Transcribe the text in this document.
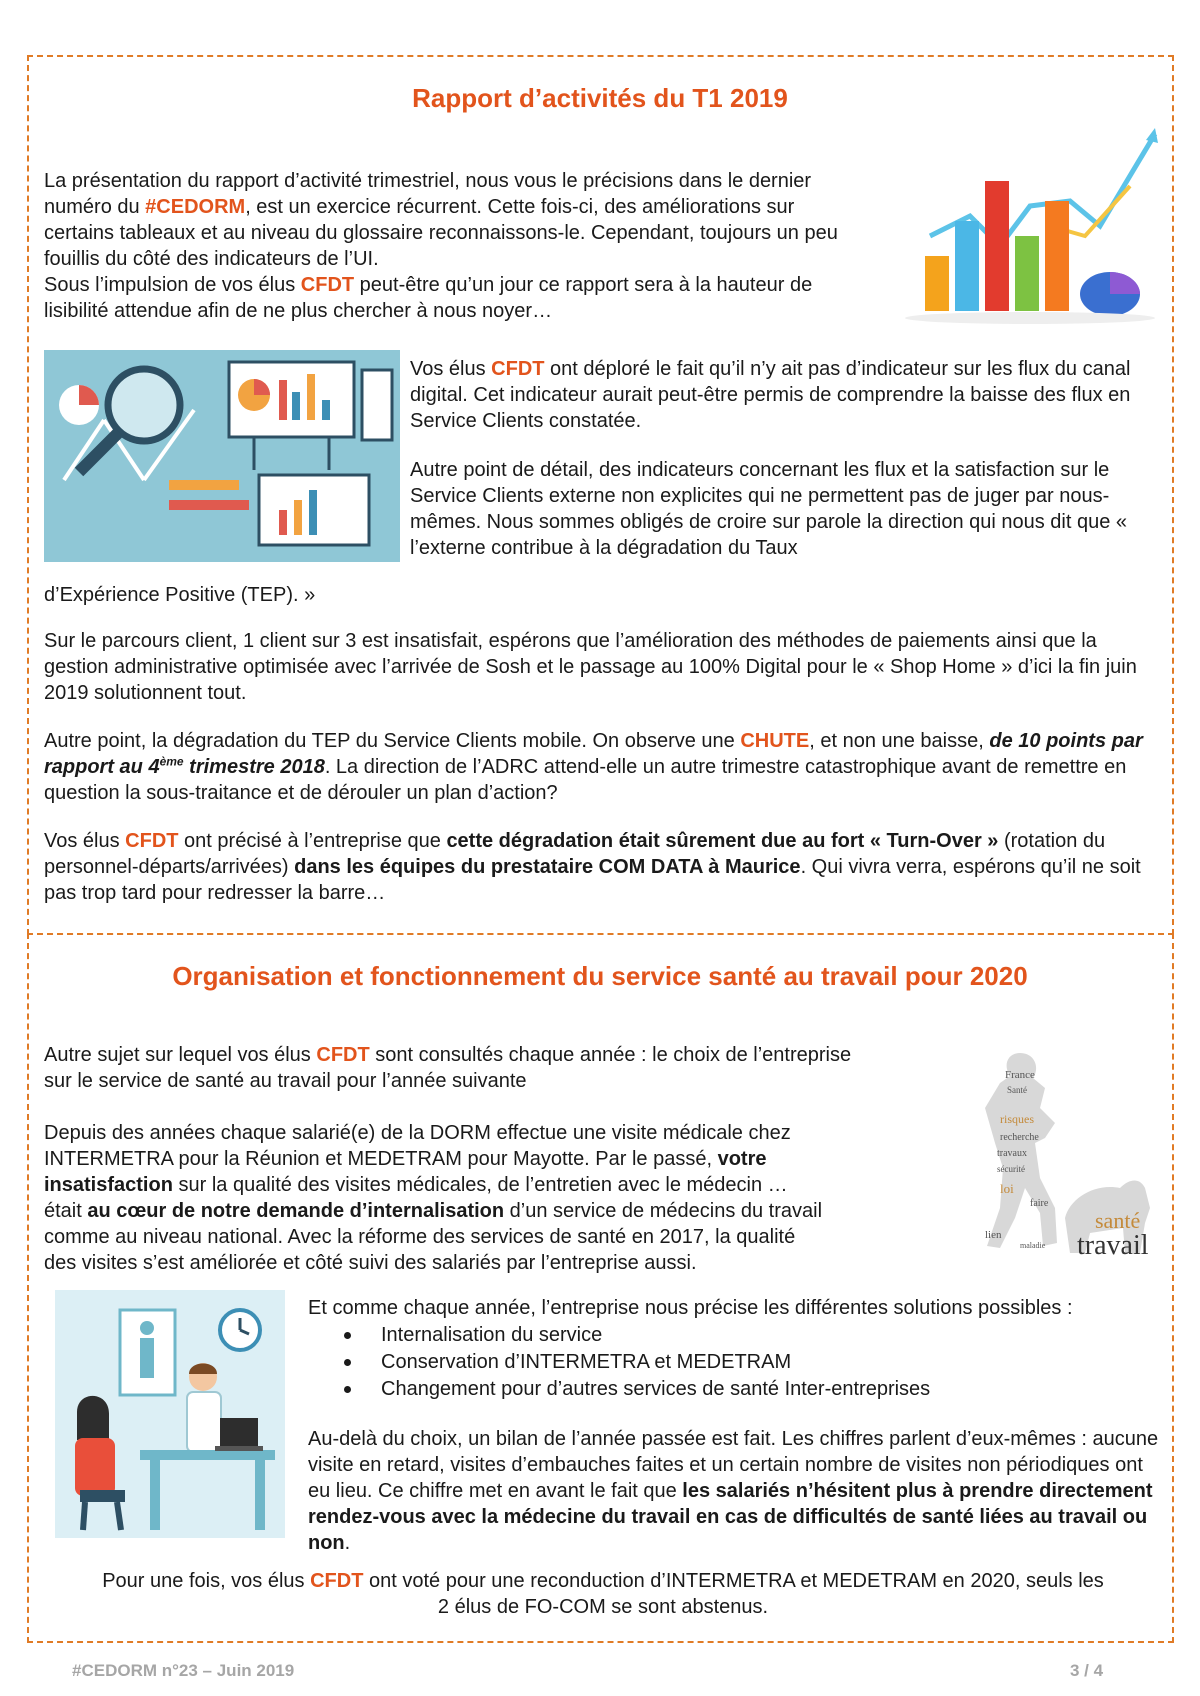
Rapport d’activités du T1 2019

La présentation du rapport d’activité trimestriel, nous vous le précisions dans le dernier numéro du #CEDORM, est un exercice récurrent. Cette fois-ci, des améliorations sur certains tableaux et au niveau du glossaire reconnaissons-le. Cependant, toujours un peu fouillis du côté des indicateurs de l’UI.
Sous l’impulsion de vos élus CFDT peut-être qu’un jour ce rapport sera à la hauteur de lisibilité attendue afin de ne plus chercher à nous noyer…

Vos élus CFDT ont déploré le fait qu’il n’y ait pas d’indicateur sur les flux du canal digital. Cet indicateur aurait peut-être permis de comprendre la baisse des flux en Service Clients constatée.

Autre point de détail, des indicateurs concernant les flux et la satisfaction sur le Service Clients externe non explicites qui ne permettent pas de juger par nous-mêmes. Nous sommes obligés de croire sur parole la direction qui nous dit que « l’externe contribue à la dégradation du Taux

d’Expérience Positive (TEP). »

Sur le parcours client, 1 client sur 3 est insatisfait, espérons que l’amélioration des méthodes de paiements ainsi que la gestion administrative optimisée avec l’arrivée de Sosh et le passage au 100% Digital pour le « Shop Home » d’ici la fin juin 2019 solutionnent tout.

Autre point, la dégradation du TEP du Service Clients mobile. On observe une CHUTE, et non une baisse, de 10 points par rapport au 4ème trimestre 2018. La direction de l’ADRC attend-elle un autre trimestre catastrophique avant de remettre en question la sous-traitance et de dérouler un plan d’action?

Vos élus CFDT ont précisé à l’entreprise que cette dégradation était sûrement due au fort « Turn-Over » (rotation du personnel-départs/arrivées) dans les équipes du prestataire COM DATA à Maurice. Qui vivra verra, espérons qu’il ne soit pas trop tard pour redresser la barre…

Organisation et fonctionnement du service santé au travail pour 2020

Autre sujet sur lequel vos élus CFDT sont consultés chaque année : le choix de l’entreprise
sur le service de santé au travail pour l’année suivante

Depuis des années chaque salarié(e) de la DORM effectue une visite médicale chez
INTERMETRA pour la Réunion et MEDETRAM pour Mayotte. Par le passé, votre
insatisfaction sur la qualité des visites médicales, de l’entretien avec le médecin …
était au cœur de notre demande d’internalisation d’un service de médecins du travail
comme au niveau national. Avec la réforme des services de santé en 2017, la qualité
des visites s’est améliorée et côté suivi des salariés par l’entreprise aussi.

France
Santé
risques
recherche
travaux
sécurité
loi
faire
lien
maladie
santé
travail

Et comme chaque année, l’entreprise nous précise les différentes solutions possibles :

Internalisation du service
Conservation d’INTERMETRA et MEDETRAM
Changement pour d’autres services de santé Inter-entreprises

Au-delà du choix, un bilan de l’année passée est fait. Les chiffres parlent d’eux-mêmes : aucune visite en retard, visites d’embauches faites et un certain nombre de visites non périodiques ont eu lieu. Ce chiffre met en avant le fait que les salariés n’hésitent plus à prendre directement rendez-vous avec la médecine du travail en cas de difficultés de santé liées au travail ou non.

Pour une fois, vos élus CFDT ont voté pour une reconduction d’INTERMETRA et MEDETRAM en 2020, seuls les
2 élus de FO-COM se sont abstenus.

#CEDORM n°23 – Juin 2019	3 / 4
